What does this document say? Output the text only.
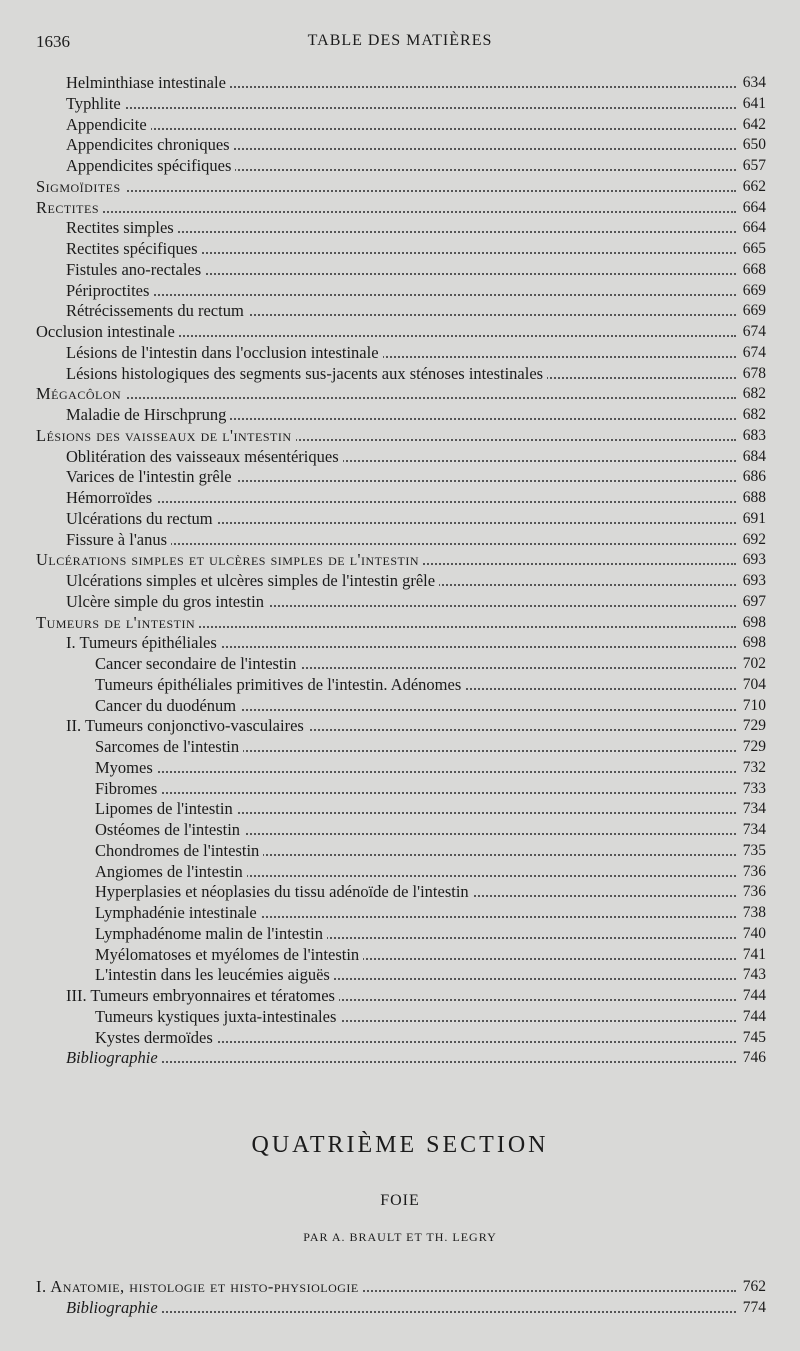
1636	TABLE DES MATIÈRES
Helminthiase intestinale	634
Typhlite	641
Appendicite	642
Appendicites chroniques	650
Appendicites spécifiques	657
Sigmoïdites	662
Rectites	664
Rectites simples	664
Rectites spécifiques	665
Fistules ano-rectales	668
Périproctites	669
Rétrécissements du rectum	669
Occlusion intestinale	674
Lésions de l'intestin dans l'occlusion intestinale	674
Lésions histologiques des segments sus-jacents aux sténoses intestinales	678
Mégacôlon	682
Maladie de Hirschprung	682
Lésions des vaisseaux de l'intestin	683
Oblitération des vaisseaux mésentériques	684
Varices de l'intestin grêle	686
Hémorroïdes	688
Ulcérations du rectum	691
Fissure à l'anus	692
Ulcérations simples et ulcères simples de l'intestin	693
Ulcérations simples et ulcères simples de l'intestin grêle	693
Ulcère simple du gros intestin	697
Tumeurs de l'intestin	698
I. Tumeurs épithéliales	698
Cancer secondaire de l'intestin	702
Tumeurs épithéliales primitives de l'intestin. Adénomes	704
Cancer du duodénum	710
II. Tumeurs conjonctivo-vasculaires	729
Sarcomes de l'intestin	729
Myomes	732
Fibromes	733
Lipomes de l'intestin	734
Ostéomes de l'intestin	734
Chondromes de l'intestin	735
Angiomes de l'intestin	736
Hyperplasies et néoplasies du tissu adénoïde de l'intestin	736
Lymphadénie intestinale	738
Lymphadénome malin de l'intestin	740
Myélomatoses et myélomes de l'intestin	741
L'intestin dans les leucémies aiguës	743
III. Tumeurs embryonnaires et tératomes	744
Tumeurs kystiques juxta-intestinales	744
Kystes dermoïdes	745
Bibliographie	746
QUATRIÈME SECTION
FOIE
PAR A. BRAULT ET TH. LEGRY
I. Anatomie, histologie et histo-physiologie	762
Bibliographie	774
